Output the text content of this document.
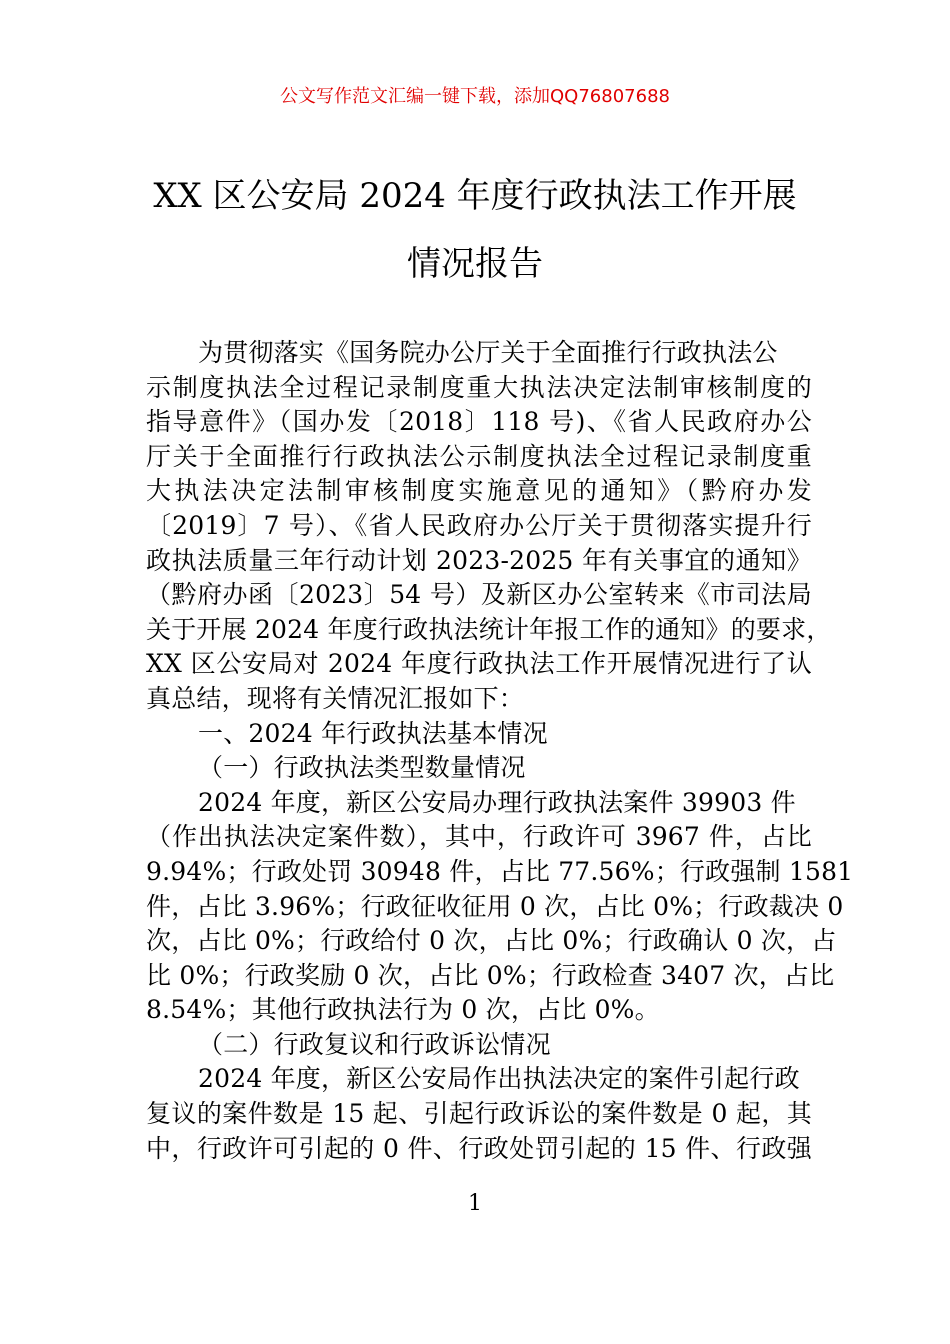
公文写作范文汇编一键下载，添加QQ76807688
XX 区公安局 2024 年度行政执法工作开展
情况报告
为贯彻落实《国务院办公厅关于全面推行行政执法公
示制度执法全过程记录制度重大执法决定法制审核制度的
指导意件》（国办发〔2018〕118 号)、《省人民政府办公
厅关于全面推行行政执法公示制度执法全过程记录制度重
大执法决定法制审核制度实施意见的通知》（黔府办发
〔2019〕7 号）、《省人民政府办公厅关于贯彻落实提升行
政执法质量三年行动计划 2023-2025 年有关事宜的通知》
（黔府办函〔2023〕54 号）及新区办公室转来《市司法局
关于开展 2024 年度行政执法统计年报工作的通知》的要求，
XX 区公安局对 2024 年度行政执法工作开展情况进行了认
真总结，现将有关情况汇报如下：
一、2024 年行政执法基本情况
（一）行政执法类型数量情况
2024 年度，新区公安局办理行政执法案件 39903 件
（作出执法决定案件数），其中，行政许可 3967 件，占比
9.94%；行政处罚 30948 件，占比 77.56%；行政强制 1581
件，占比 3.96%；行政征收征用 0 次，占比 0%；行政裁决 0
次，占比 0%；行政给付 0 次，占比 0%；行政确认 0 次，占
比 0%；行政奖励 0 次，占比 0%；行政检查 3407 次，占比
8.54%；其他行政执法行为 0 次，占比 0%。
（二）行政复议和行政诉讼情况
2024 年度，新区公安局作出执法决定的案件引起行政
复议的案件数是 15 起、引起行政诉讼的案件数是 0 起，其
中，行政许可引起的 0 件、行政处罚引起的 15 件、行政强
1
